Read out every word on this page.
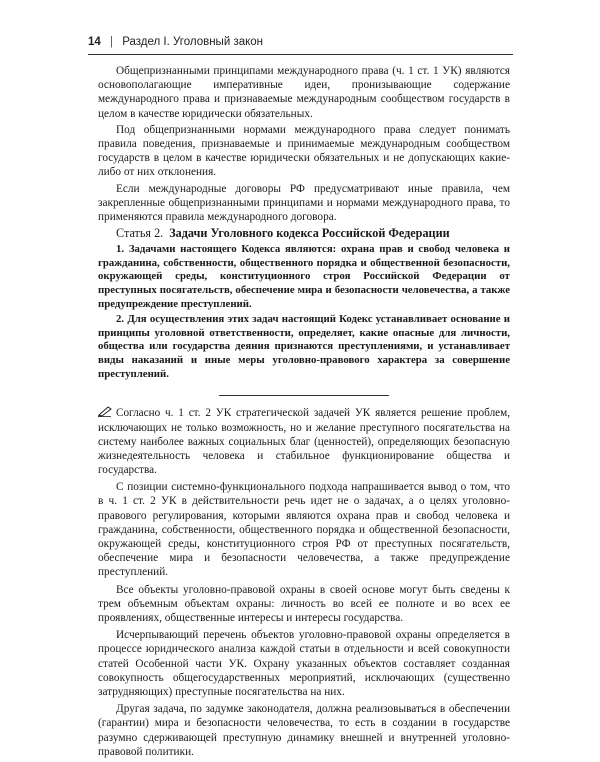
14 | Раздел I. Уголовный закон

Общепризнанными принципами международного права (ч. 1 ст. 1 УК) являются основополагающие императивные идеи, пронизывающие содержание международного права и признаваемые международным сообществом государств в целом в качестве юридически обязательных.

Под общепризнанными нормами международного права следует понимать правила поведения, признаваемые и принимаемые международным сообществом государств в целом в качестве юридически обязательных и не допускающих какие-либо от них отклонения.

Если международные договоры РФ предусматривают иные правила, чем закрепленные общепризнанными принципами и нормами международного права, то применяются правила международного договора.

Статья 2. Задачи Уголовного кодекса Российской Федерации

1. Задачами настоящего Кодекса являются: охрана прав и свобод человека и гражданина, собственности, общественного порядка и общественной безопасности, окружающей среды, конституционного строя Российской Федерации от преступных посягательств, обеспечение мира и безопасности человечества, а также предупреждение преступлений.

2. Для осуществления этих задач настоящий Кодекс устанавливает основание и принципы уголовной ответственности, определяет, какие опасные для личности, общества или государства деяния признаются преступлениями, и устанавливает виды наказаний и иные меры уголовно-правового характера за совершение преступлений.

Согласно ч. 1 ст. 2 УК стратегической задачей УК является решение проблем, исключающих не только возможность, но и желание преступного посягательства на систему наиболее важных социальных благ (ценностей), определяющих безопасную жизнедеятельность человека и стабильное функционирование общества и государства.

С позиции системно-функционального подхода напрашивается вывод о том, что в ч. 1 ст. 2 УК в действительности речь идет не о задачах, а о целях уголовно-правового регулирования, которыми являются охрана прав и свобод человека и гражданина, собственности, общественного порядка и общественной безопасности, окружающей среды, конституционного строя РФ от преступных посягательств, обеспечение мира и безопасности человечества, а также предупреждение преступлений.

Все объекты уголовно-правовой охраны в своей основе могут быть сведены к трем объемным объектам охраны: личность во всей ее полноте и во всех ее проявлениях, общественные интересы и интересы государства.

Исчерпывающий перечень объектов уголовно-правовой охраны определяется в процессе юридического анализа каждой статьи в отдельности и всей совокупности статей Особенной части УК. Охрану указанных объектов составляет созданная совокупность общегосударственных мероприятий, исключающих (существенно затрудняющих) преступные посягательства на них.

Другая задача, по задумке законодателя, должна реализовываться в обеспечении (гарантии) мира и безопасности человечества, то есть в создании в государстве разумно сдерживающей преступную динамику внешней и внутренней уголовно-правовой политики.
